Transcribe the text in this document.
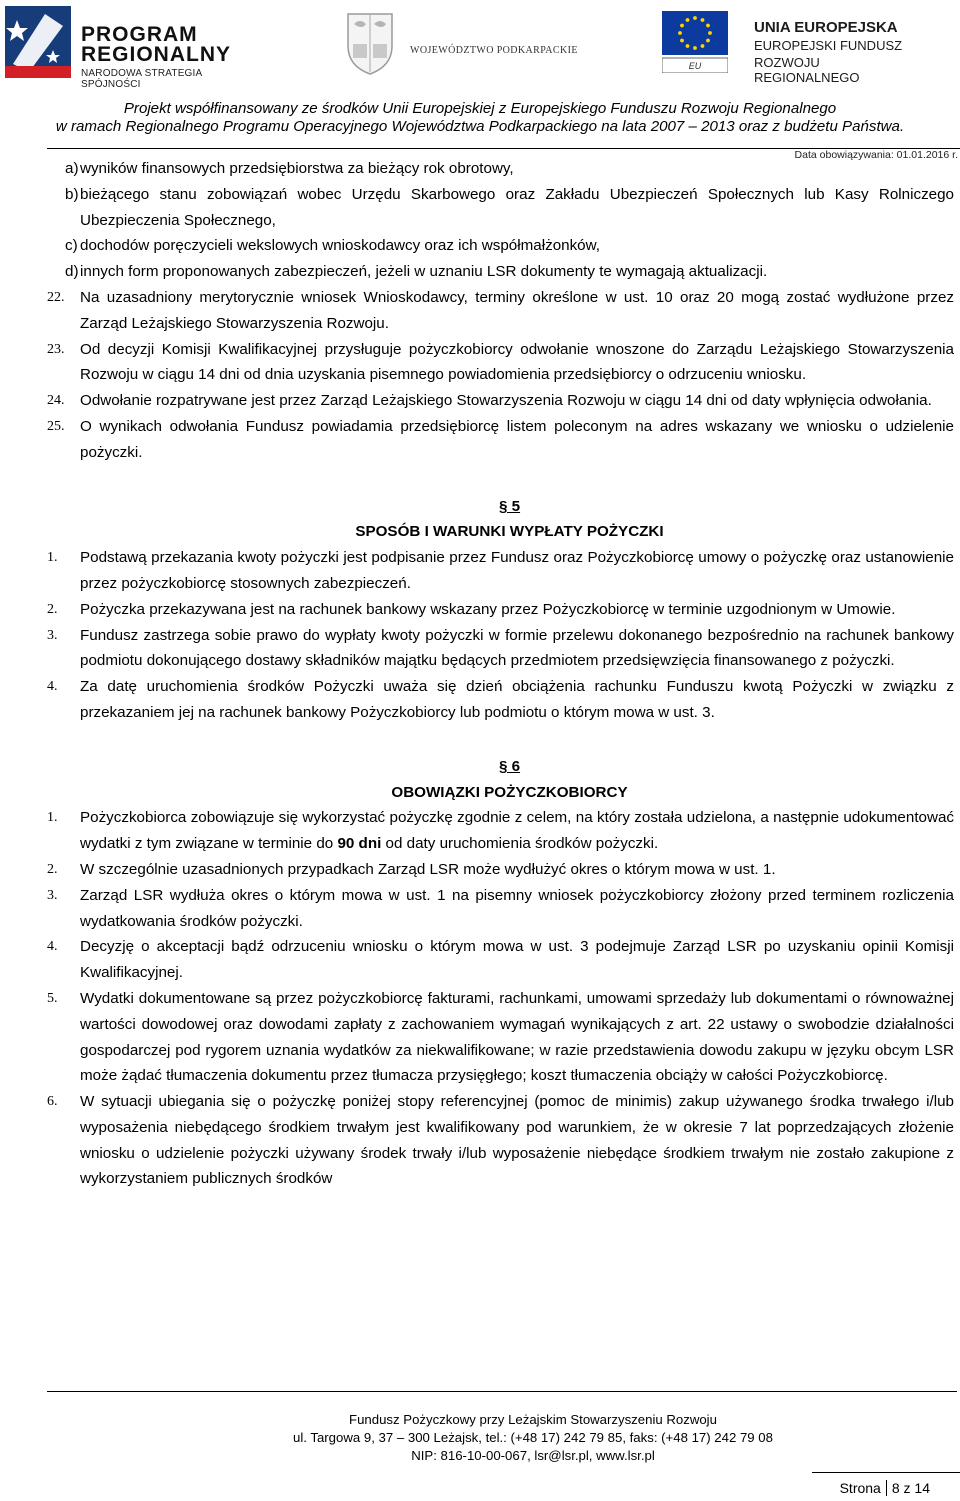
PROGRAM
REGIONALNY
NARODOWA STRATEGIA SPÓJNOŚCI
WOJEWÓDZTWO PODKARPACKIE
EU
UNIA EUROPEJSKA
EUROPEJSKI FUNDUSZ
ROZWOJU REGIONALNEGO
Projekt współfinansowany ze środków Unii Europejskiej z Europejskiego Funduszu Rozwoju Regionalnego
w ramach Regionalnego Programu Operacyjnego Województwa Podkarpackiego na lata 2007 – 2013 oraz z budżetu Państwa.
Data obowiązywania: 01.01.2016 r.

a) wyników finansowych przedsiębiorstwa za bieżący rok obrotowy,

b) bieżącego stanu zobowiązań wobec Urzędu Skarbowego oraz Zakładu Ubezpieczeń Społecznych lub Kasy Rolniczego Ubezpieczenia Społecznego,

c) dochodów poręczycieli wekslowych wnioskodawcy oraz ich współmałżonków,

d) innych form proponowanych zabezpieczeń, jeżeli w uznaniu LSR dokumenty te wymagają aktualizacji.

22. Na uzasadniony merytorycznie wniosek Wnioskodawcy, terminy określone w ust. 10 oraz 20 mogą zostać wydłużone przez Zarząd Leżajskiego Stowarzyszenia Rozwoju.

23. Od decyzji Komisji Kwalifikacyjnej przysługuje pożyczkobiorcy odwołanie wnoszone do Zarządu Leżajskiego Stowarzyszenia Rozwoju w ciągu 14 dni od dnia uzyskania pisemnego powiadomienia przedsiębiorcy o odrzuceniu wniosku.

24. Odwołanie rozpatrywane jest przez Zarząd Leżajskiego Stowarzyszenia Rozwoju w ciągu 14 dni od daty wpłynięcia odwołania.

25. O wynikach odwołania Fundusz powiadamia przedsiębiorcę listem poleconym na adres wskazany we wniosku o udzielenie pożyczki.

§ 5
SPOSÓB I WARUNKI WYPŁATY POŻYCZKI

1. Podstawą przekazania kwoty pożyczki jest podpisanie przez Fundusz oraz Pożyczkobiorcę umowy o pożyczkę oraz ustanowienie przez pożyczkobiorcę stosownych zabezpieczeń.

2. Pożyczka przekazywana jest na rachunek bankowy wskazany przez Pożyczkobiorcę w terminie uzgodnionym w Umowie.

3. Fundusz zastrzega sobie prawo do wypłaty kwoty pożyczki w formie przelewu dokonanego bezpośrednio na rachunek bankowy podmiotu dokonującego dostawy składników majątku będących przedmiotem przedsięwzięcia finansowanego z pożyczki.

4. Za datę uruchomienia środków Pożyczki uważa się dzień obciążenia rachunku Funduszu kwotą Pożyczki w związku z przekazaniem jej na rachunek bankowy Pożyczkobiorcy lub podmiotu o którym mowa w ust. 3.

§ 6
OBOWIĄZKI POŻYCZKOBIORCY

1. Pożyczkobiorca zobowiązuje się wykorzystać pożyczkę zgodnie z celem, na który została udzielona, a następnie udokumentować wydatki z tym związane w terminie do 90 dni od daty uruchomienia środków pożyczki.

2. W szczególnie uzasadnionych przypadkach Zarząd LSR może wydłużyć okres o którym mowa w ust. 1.

3. Zarząd LSR wydłuża okres o którym mowa w ust. 1 na pisemny wniosek pożyczkobiorcy złożony przed terminem rozliczenia wydatkowania środków pożyczki.

4. Decyzję o akceptacji bądź odrzuceniu wniosku o którym mowa w ust. 3 podejmuje Zarząd LSR po uzyskaniu opinii Komisji Kwalifikacyjnej.

5. Wydatki dokumentowane są przez pożyczkobiorcę fakturami, rachunkami, umowami sprzedaży lub dokumentami o równoważnej wartości dowodowej oraz dowodami zapłaty z zachowaniem wymagań wynikających z art. 22 ustawy o swobodzie działalności gospodarczej pod rygorem uznania wydatków za niekwalifikowane; w razie przedstawienia dowodu zakupu w języku obcym LSR może żądać tłumaczenia dokumentu przez tłumacza przysięgłego; koszt tłumaczenia obciąży w całości Pożyczkobiorcę.

6. W sytuacji ubiegania się o pożyczkę poniżej stopy referencyjnej (pomoc de minimis) zakup używanego środka trwałego i/lub wyposażenia niebędącego środkiem trwałym jest kwalifikowany pod warunkiem, że w okresie 7 lat poprzedzających złożenie wniosku o udzielenie pożyczki używany środek trwały i/lub wyposażenie niebędące środkiem trwałym nie zostało zakupione z wykorzystaniem publicznych środków

Fundusz Pożyczkowy przy Leżajskim Stowarzyszeniu Rozwoju
ul. Targowa 9, 37 – 300 Leżajsk, tel.: (+48 17) 242 79 85, faks: (+48 17) 242 79 08
NIP: 816-10-00-067, lsr@lsr.pl, www.lsr.pl
Strona 8 z 14
